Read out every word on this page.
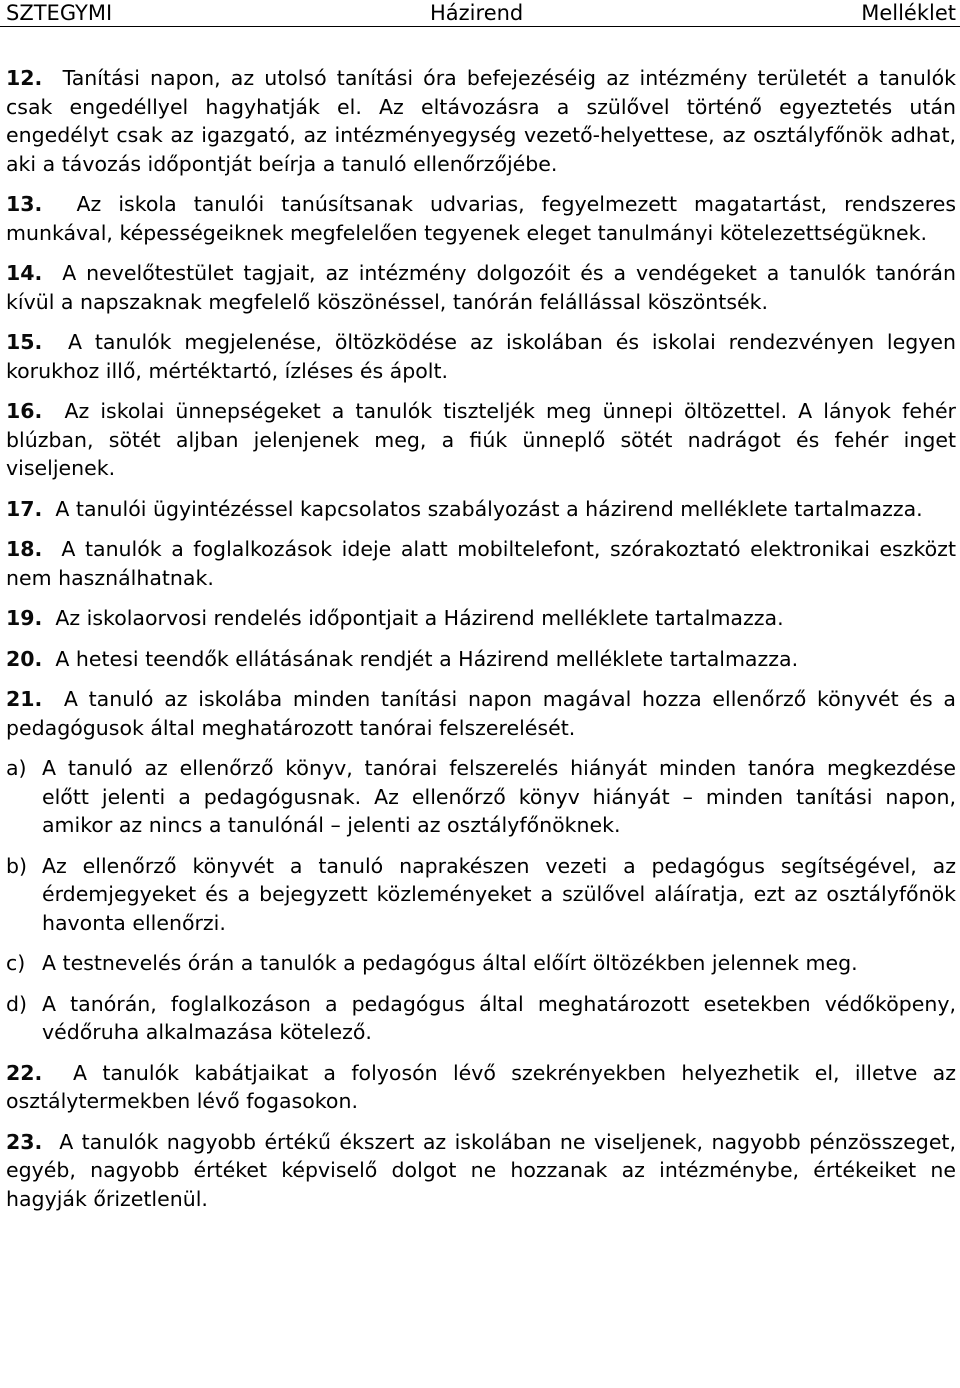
SZTEGYMI	Házirend	Melléklet

12. Tanítási napon, az utolsó tanítási óra befejezéséig az intézmény területét a tanulók csak engedéllyel hagyhatják el. Az eltávozásra a szülővel történő egyeztetés után engedélyt csak az igazgató, az intézményegység vezető-helyettese, az osztályfőnök adhat, aki a távozás időpontját beírja a tanuló ellenőrzőjébe.

13. Az iskola tanulói tanúsítsanak udvarias, fegyelmezett magatartást, rendszeres munkával, képességeiknek megfelelően tegyenek eleget tanulmányi kötelezettségüknek.

14. A nevelőtestület tagjait, az intézmény dolgozóit és a vendégeket a tanulók tanórán kívül a napszaknak megfelelő köszönéssel, tanórán felállással köszöntsék.

15. A tanulók megjelenése, öltözködése az iskolában és iskolai rendezvényen legyen korukhoz illő, mértéktartó, ízléses és ápolt.

16. Az iskolai ünnepségeket a tanulók tiszteljék meg ünnepi öltözettel. A lányok fehér blúzban, sötét aljban jelenjenek meg, a fiúk ünneplő sötét nadrágot és fehér inget viseljenek.

17. A tanulói ügyintézéssel kapcsolatos szabályozást a házirend melléklete tartalmazza.

18. A tanulók a foglalkozások ideje alatt mobiltelefont, szórakoztató elektronikai eszközt nem használhatnak.

19. Az iskolaorvosi rendelés időpontjait a Házirend melléklete tartalmazza.

20. A hetesi teendők ellátásának rendjét a Házirend melléklete tartalmazza.

21. A tanuló az iskolába minden tanítási napon magával hozza ellenőrző könyvét és a pedagógusok által meghatározott tanórai felszerelését.

a) A tanuló az ellenőrző könyv, tanórai felszerelés hiányát minden tanóra megkezdése előtt jelenti a pedagógusnak. Az ellenőrző könyv hiányát – minden tanítási napon, amikor az nincs a tanulónál – jelenti az osztályfőnöknek.
b) Az ellenőrző könyvét a tanuló naprakészen vezeti a pedagógus segítségével, az érdemjegyeket és a bejegyzett közleményeket a szülővel aláíratja, ezt az osztályfőnök havonta ellenőrzi.
c) A testnevelés órán a tanulók a pedagógus által előírt öltözékben jelennek meg.
d) A tanórán, foglalkozáson a pedagógus által meghatározott esetekben védőköpeny, védőruha alkalmazása kötelező.

22. A tanulók kabátjaikat a folyosón lévő szekrényekben helyezhetik el, illetve az osztálytermekben lévő fogasokon.

23. A tanulók nagyobb értékű ékszert az iskolában ne viseljenek, nagyobb pénzösszeget, egyéb, nagyobb értéket képviselő dolgot ne hozzanak az intézménybe, értékeiket ne hagyják őrizetlenül.
